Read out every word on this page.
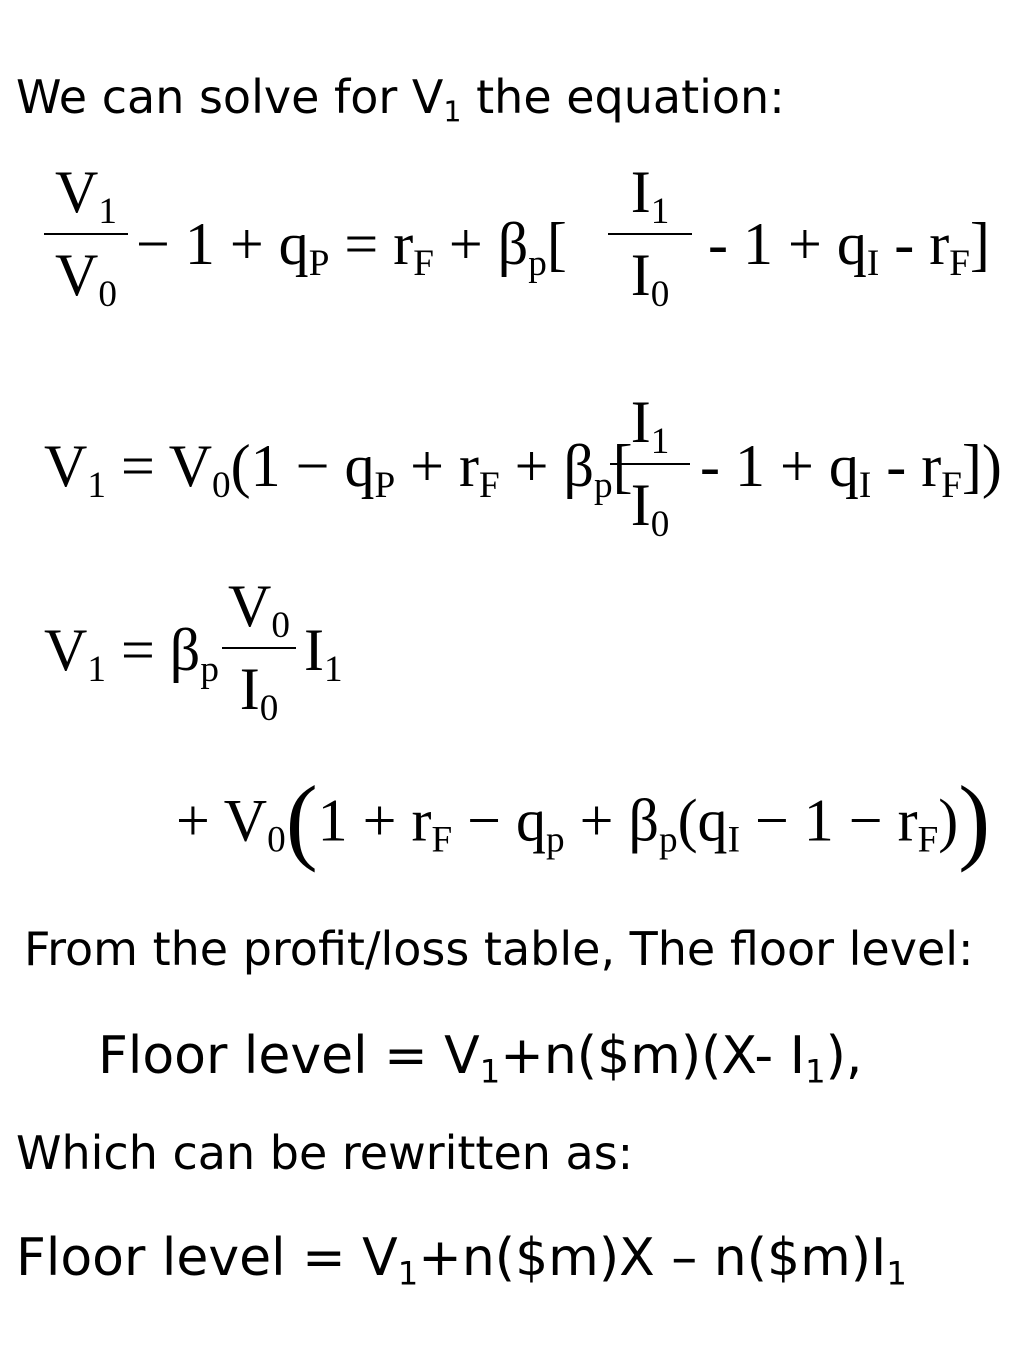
We can solve for $V_1$ the equation:
$V_1$
$V_0$
− $1 + q_P = r_F + \beta_p$[
$I_1$
$I_0$
- $1 + q_I - r_F$]
$V_1 = V_0(1 - q_P + r_F + \beta_p$[
$I_1$
$I_0$
- $1 + q_I - r_F$])
$V_1 = \beta_p$
$V_0$
$I_0$
$I_1$
+ $V_0(1 + r_F - q_p + \beta_p(q_I - 1 - r_F))$
From the profit/loss table, The floor level:
Floor level = $V_1+n(\$m)(X-$ $I_1$),
Which can be rewritten as:
Floor level = $V_1+n(\$m)X$ – $n(\$m)I_1$
